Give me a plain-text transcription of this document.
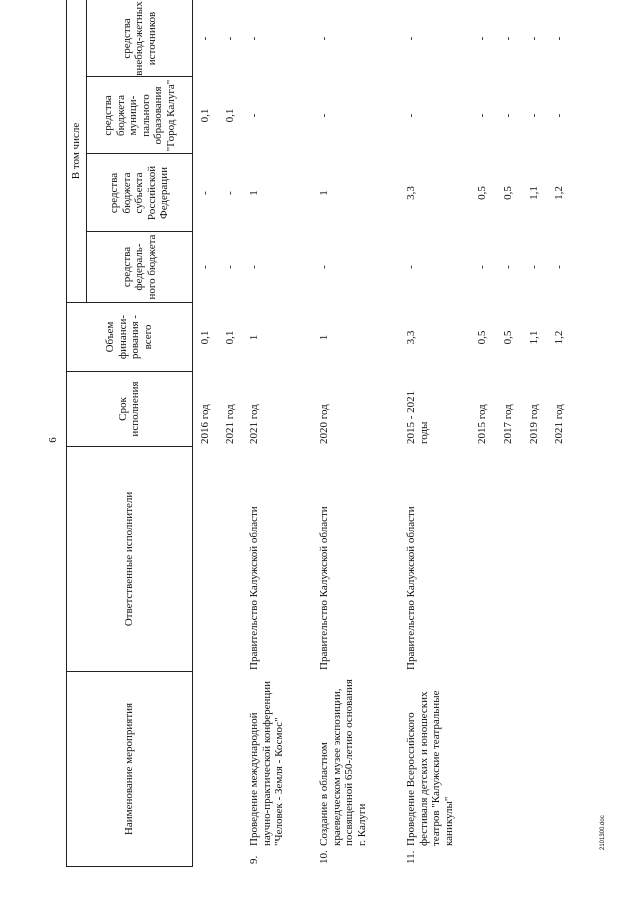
6
2101300.doc
Наименование мероприятия
Ответственные исполнители
Срок исполнения
Объем финанси-рования - всего
В том числе
средства федераль-ного бюджета
средства бюджета субъекта Российской Федерации
средства бюджета муници-пального образования "Город Калуга"
средства внебюд-жетных источников
2016 год
0,1
-
-
0,1
-
2021 год
0,1
-
-
0,1
-
9.
Проведение международной научно-практической конференции "Человек - Земля - Космос"
Правительство Калужской области
2021 год
1
-
1
-
-
10.
Создание в областном краеведческом музее экспозиции, посвященной 650-летию основания г. Калуги
Правительство Калужской области
2020 год
1
-
1
-
-
11.
Проведение Всероссийского фестиваля детских и юношеских театров "Калужские театральные каникулы"
Правительство Калужской области
2015 - 2021 годы
3,3
-
3,3
-
-
2015 год
0,5
-
0,5
-
-
2017 год
0,5
-
0,5
-
-
2019 год
1,1
-
1,1
-
-
2021 год
1,2
-
1,2
-
-
